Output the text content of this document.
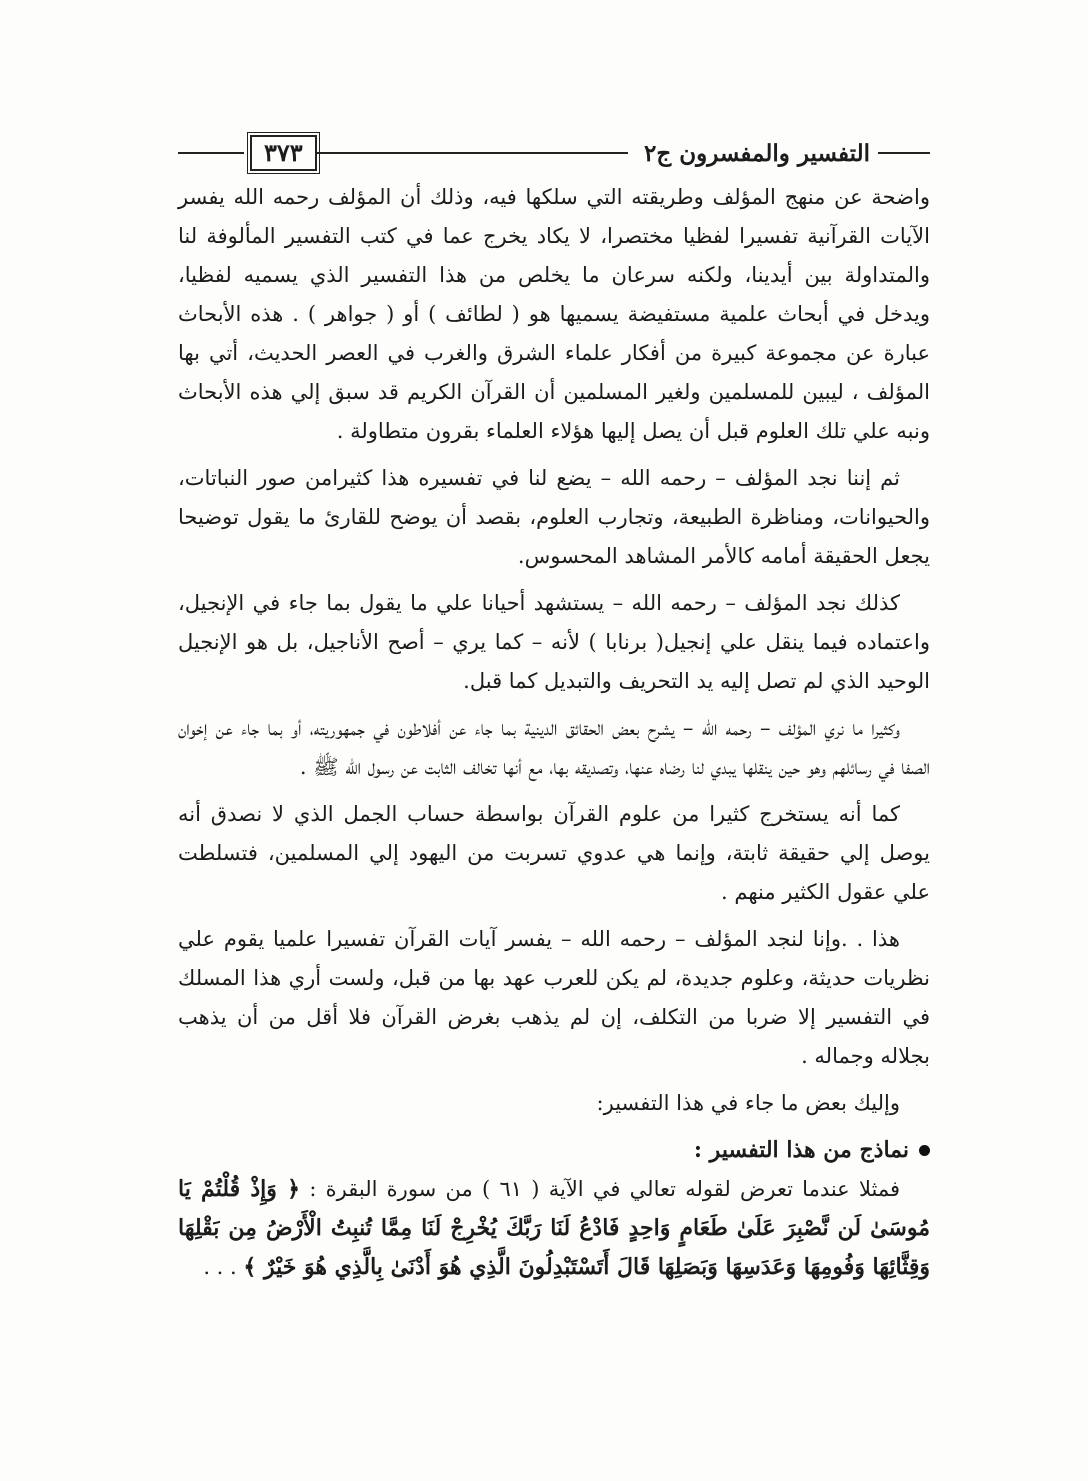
التفسير والمفسرون ج٢
٣٧٣

واضحة عن منهج المؤلف وطريقته التي سلكها فيه، وذلك أن المؤلف رحمه الله يفسر الآيات القرآنية تفسيرا لفظيا مختصرا، لا يكاد يخرج عما في كتب التفسير المألوفة لنا والمتداولة بين أيدينا، ولكنه سرعان ما يخلص من هذا التفسير الذي يسميه لفظيا، ويدخل في أبحاث علمية مستفيضة يسميها هو ( لطائف ) أو ( جواهر ) . هذه الأبحاث عبارة عن مجموعة كبيرة من أفكار علماء الشرق والغرب في العصر الحديث، أتي بها المؤلف ، ليبين للمسلمين ولغير المسلمين أن القرآن الكريم قد سبق إلي هذه الأبحاث ونبه علي تلك العلوم قبل أن يصل إليها هؤلاء العلماء بقرون متطاولة .

ثم إننا نجد المؤلف – رحمه الله – يضع لنا في تفسيره هذا كثيرامن صور النباتات، والحيوانات، ومناظرة الطبيعة، وتجارب العلوم، بقصد أن يوضح للقارئ ما يقول توضيحا يجعل الحقيقة أمامه كالأمر المشاهد المحسوس.

كذلك نجد المؤلف – رحمه الله – يستشهد أحيانا علي ما يقول بما جاء في الإنجيل، واعتماده فيما ينقل علي إنجيل( برنابا ) لأنه – كما يري – أصح الأناجيل، بل هو الإنجيل الوحيد الذي لم تصل إليه يد التحريف والتبديل كما قبل.

وكثيرا ما نري المؤلف – رحمه الله – يشرح بعض الحقائق الدينية بما جاء عن أفلاطون في جمهوريته، أو بما جاء عن إخوان الصفا في رسائلهم وهو حين ينقلها يبدي لنا رضاه عنها، وتصديقه بها، مع أنها تخالف الثابت عن رسول الله ﷺ .

كما أنه يستخرج كثيرا من علوم القرآن بواسطة حساب الجمل الذي لا نصدق أنه يوصل إلي حقيقة ثابتة، وإنما هي عدوي تسربت من اليهود إلي المسلمين، فتسلطت علي عقول الكثير منهم .

هذا . .وإنا لنجد المؤلف – رحمه الله – يفسر آيات القرآن تفسيرا علميا يقوم علي نظريات حديثة، وعلوم جديدة، لم يكن للعرب عهد بها من قبل، ولست أري هذا المسلك في التفسير إلا ضربا من التكلف، إن لم يذهب بغرض القرآن فلا أقل من أن يذهب بجلاله وجماله .

وإليك بعض ما جاء في هذا التفسير:

نماذج من هذا التفسير :

فمثلا عندما تعرض لقوله تعالي في الآية ( ٦١ ) من سورة البقرة : ﴿ وَإِذْ قُلْتُمْ يَا مُوسَىٰ لَن نَّصْبِرَ عَلَىٰ طَعَامٍ وَاحِدٍ فَادْعُ لَنَا رَبَّكَ يُخْرِجْ لَنَا مِمَّا تُنبِتُ الْأَرْضُ مِن بَقْلِهَا وَقِثَّائِهَا وَفُومِهَا وَعَدَسِهَا وَبَصَلِهَا قَالَ أَتَسْتَبْدِلُونَ الَّذِي هُوَ أَدْنَىٰ بِالَّذِي هُوَ خَيْرٌ ﴾ . . .
